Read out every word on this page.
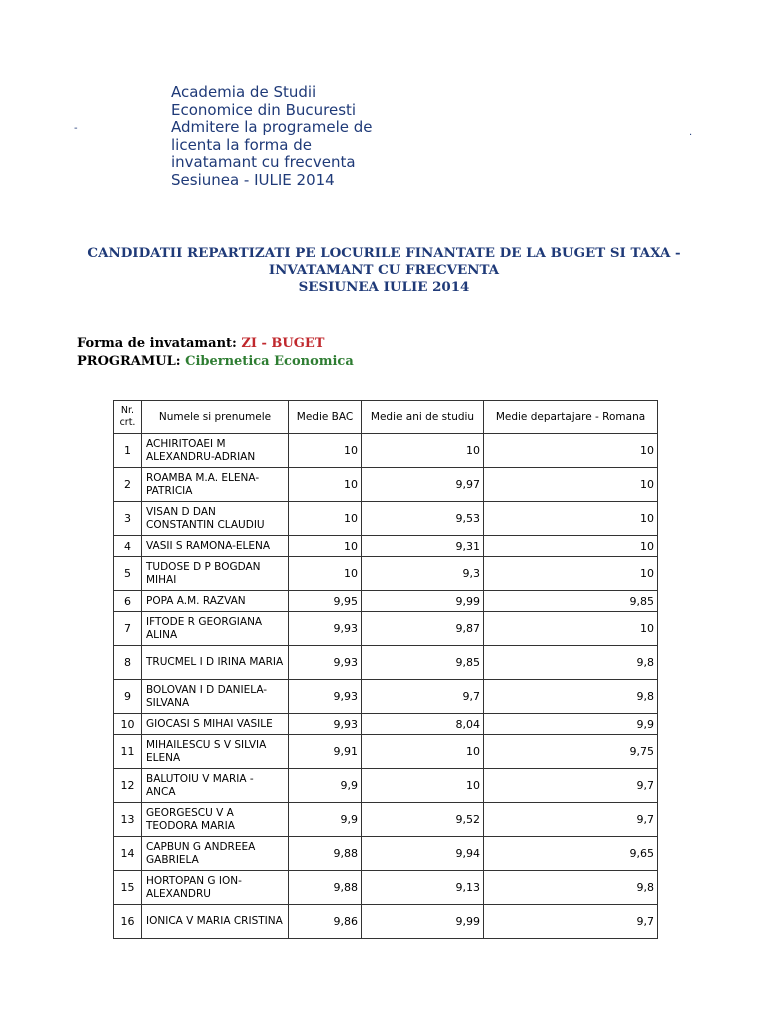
Academia de Studii
Economice din Bucuresti
Admitere la programele de
licenta la forma de
invatamant cu frecventa
Sesiunea - IULIE 2014
-	.
CANDIDATII REPARTIZATI PE LOCURILE FINANTATE DE LA BUGET SI TAXA -
INVATAMANT CU FRECVENTA
SESIUNEA IULIE 2014
Forma de invatamant: ZI - BUGET
PROGRAMUL: Cibernetica Economica
Nr. crt.	Numele si prenumele	Medie BAC	Medie ani de studiu	Medie departajare - Romana
1	ACHIRITOAEI M ALEXANDRU-ADRIAN	10	10	10
2	ROAMBA M.A. ELENA-PATRICIA	10	9,97	10
3	VISAN D DAN CONSTANTIN CLAUDIU	10	9,53	10
4	VASII S RAMONA-ELENA	10	9,31	10
5	TUDOSE D P BOGDAN MIHAI	10	9,3	10
6	POPA A.M. RAZVAN	9,95	9,99	9,85
7	IFTODE R GEORGIANA ALINA	9,93	9,87	10
8	TRUCMEL I D IRINA MARIA	9,93	9,85	9,8
9	BOLOVAN I D DANIELA-SILVANA	9,93	9,7	9,8
10	GIOCASI S MIHAI VASILE	9,93	8,04	9,9
11	MIHAILESCU S V SILVIA ELENA	9,91	10	9,75
12	BALUTOIU V MARIA - ANCA	9,9	10	9,7
13	GEORGESCU V A TEODORA MARIA	9,9	9,52	9,7
14	CAPBUN G ANDREEA GABRIELA	9,88	9,94	9,65
15	HORTOPAN G ION-ALEXANDRU	9,88	9,13	9,8
16	IONICA V MARIA CRISTINA	9,86	9,99	9,7
